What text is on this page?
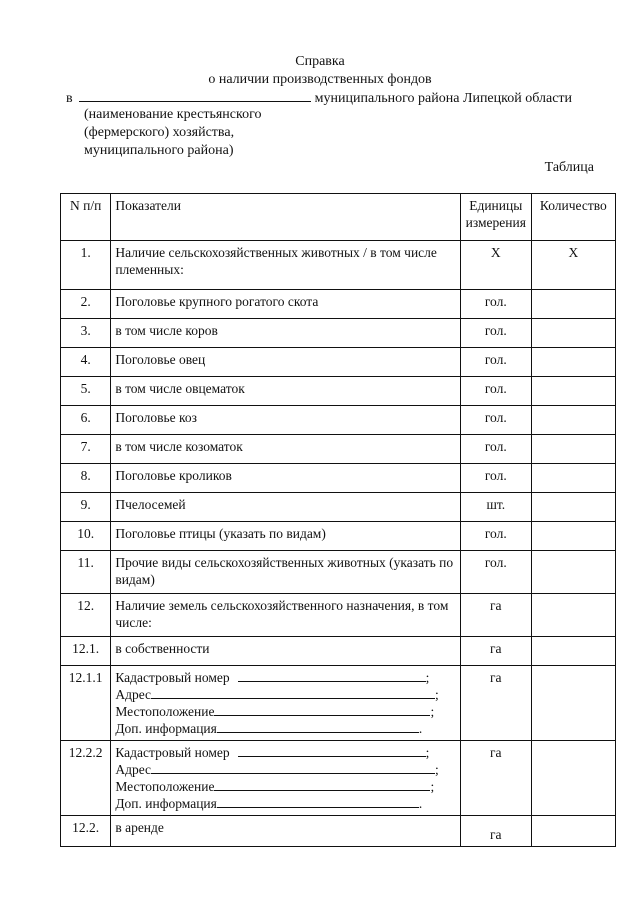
Справка
о наличии производственных фондов
в	муниципального района Липецкой области
(наименование крестьянского
(фермерского) хозяйства,
муниципального района)
Таблица
N п/п	Показатели	Единицы измерения	Количество
1.	Наличие сельскохозяйственных животных / в том числе племенных:	Х	Х
2.	Поголовье крупного рогатого скота	гол.	
3.	в том числе коров	гол.	
4.	Поголовье овец	гол.	
5.	в том числе овцематок	гол.	
6.	Поголовье коз	гол.	
7.	в том числе козоматок	гол.	
8.	Поголовье кроликов	гол.	
9.	Пчелосемей	шт.	
10.	Поголовье птицы (указать по видам)	гол.	
11.	Прочие виды сельскохозяйственных животных (указать по видам)	гол.	
12.	Наличие земель сельскохозяйственного назначения, в том числе:	га	
12.1.	в собственности	га	
12.1.1	Кадастровый номер ;
Адрес ;
Местоположение ;
Доп. информация .	га	
12.2.2	Кадастровый номер ;
Адрес ;
Местоположение ;
Доп. информация .	га	
12.2.	в аренде	га	
